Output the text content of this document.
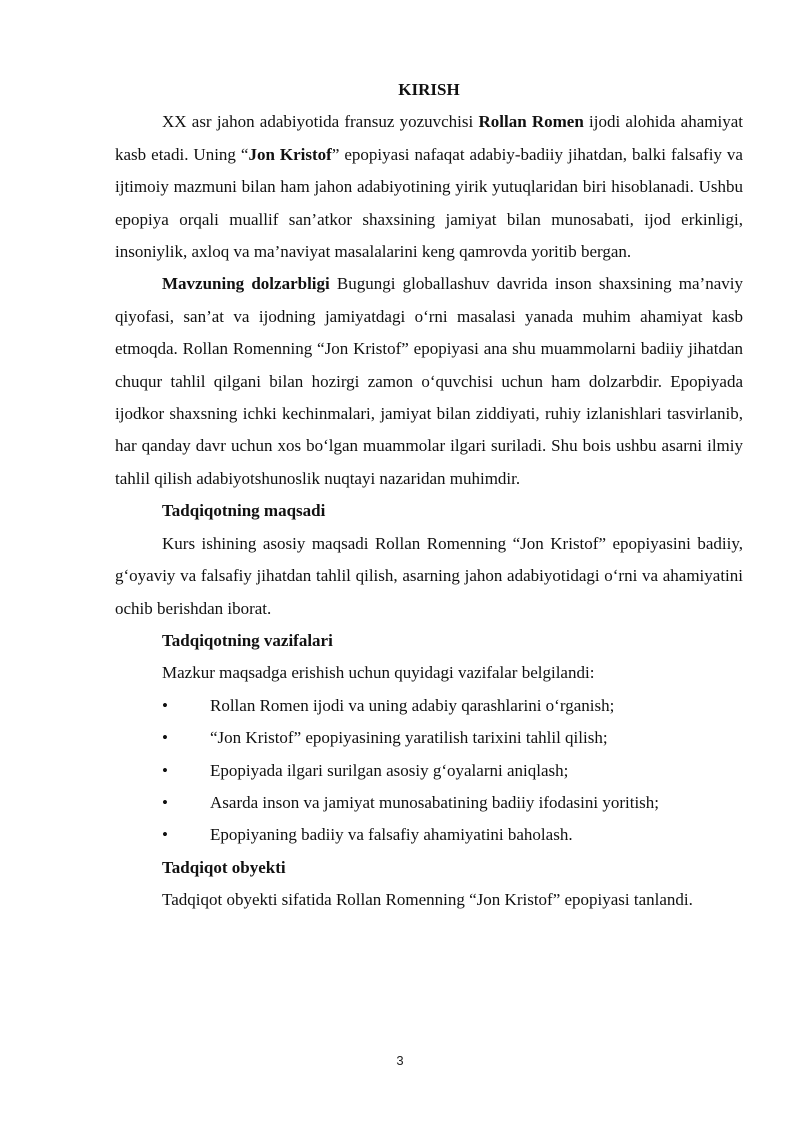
KIRISH

XX asr jahon adabiyotida fransuz yozuvchisi Rollan Romen ijodi alohida ahamiyat kasb etadi. Uning “Jon Kristof” epopiyasi nafaqat adabiy-badiiy jihatdan, balki falsafiy va ijtimoiy mazmuni bilan ham jahon adabiyotining yirik yutuqlaridan biri hisoblanadi. Ushbu epopiya orqali muallif san’atkor shaxsining jamiyat bilan munosabati, ijod erkinligi, insoniylik, axloq va ma’naviyat masalalarini keng qamrovda yoritib bergan.

Mavzuning dolzarbligi Bugungi globallashuv davrida inson shaxsining ma’naviy qiyofasi, san’at va ijodning jamiyatdagi o‘rni masalasi yanada muhim ahamiyat kasb etmoqda. Rollan Romenning “Jon Kristof” epopiyasi ana shu muammolarni badiiy jihatdan chuqur tahlil qilgani bilan hozirgi zamon o‘quvchisi uchun ham dolzarbdir. Epopiyada ijodkor shaxsning ichki kechinmalari, jamiyat bilan ziddiyati, ruhiy izlanishlari tasvirlanib, har qanday davr uchun xos bo‘lgan muammolar ilgari suriladi. Shu bois ushbu asarni ilmiy tahlil qilish adabiyotshunoslik nuqtayi nazaridan muhimdir.

Tadqiqotning maqsadi

Kurs ishining asosiy maqsadi Rollan Romenning “Jon Kristof” epopiyasini badiiy, g‘oyaviy va falsafiy jihatdan tahlil qilish, asarning jahon adabiyotidagi o‘rni va ahamiyatini ochib berishdan iborat.

Tadqiqotning vazifalari

Mazkur maqsadga erishish uchun quyidagi vazifalar belgilandi:

• Rollan Romen ijodi va uning adabiy qarashlarini o‘rganish;
• “Jon Kristof” epopiyasining yaratilish tarixini tahlil qilish;
• Epopiyada ilgari surilgan asosiy g‘oyalarni aniqlash;
• Asarda inson va jamiyat munosabatining badiiy ifodasini yoritish;
• Epopiyaning badiiy va falsafiy ahamiyatini baholash.

Tadqiqot obyekti

Tadqiqot obyekti sifatida Rollan Romenning “Jon Kristof” epopiyasi tanlandi.

3
